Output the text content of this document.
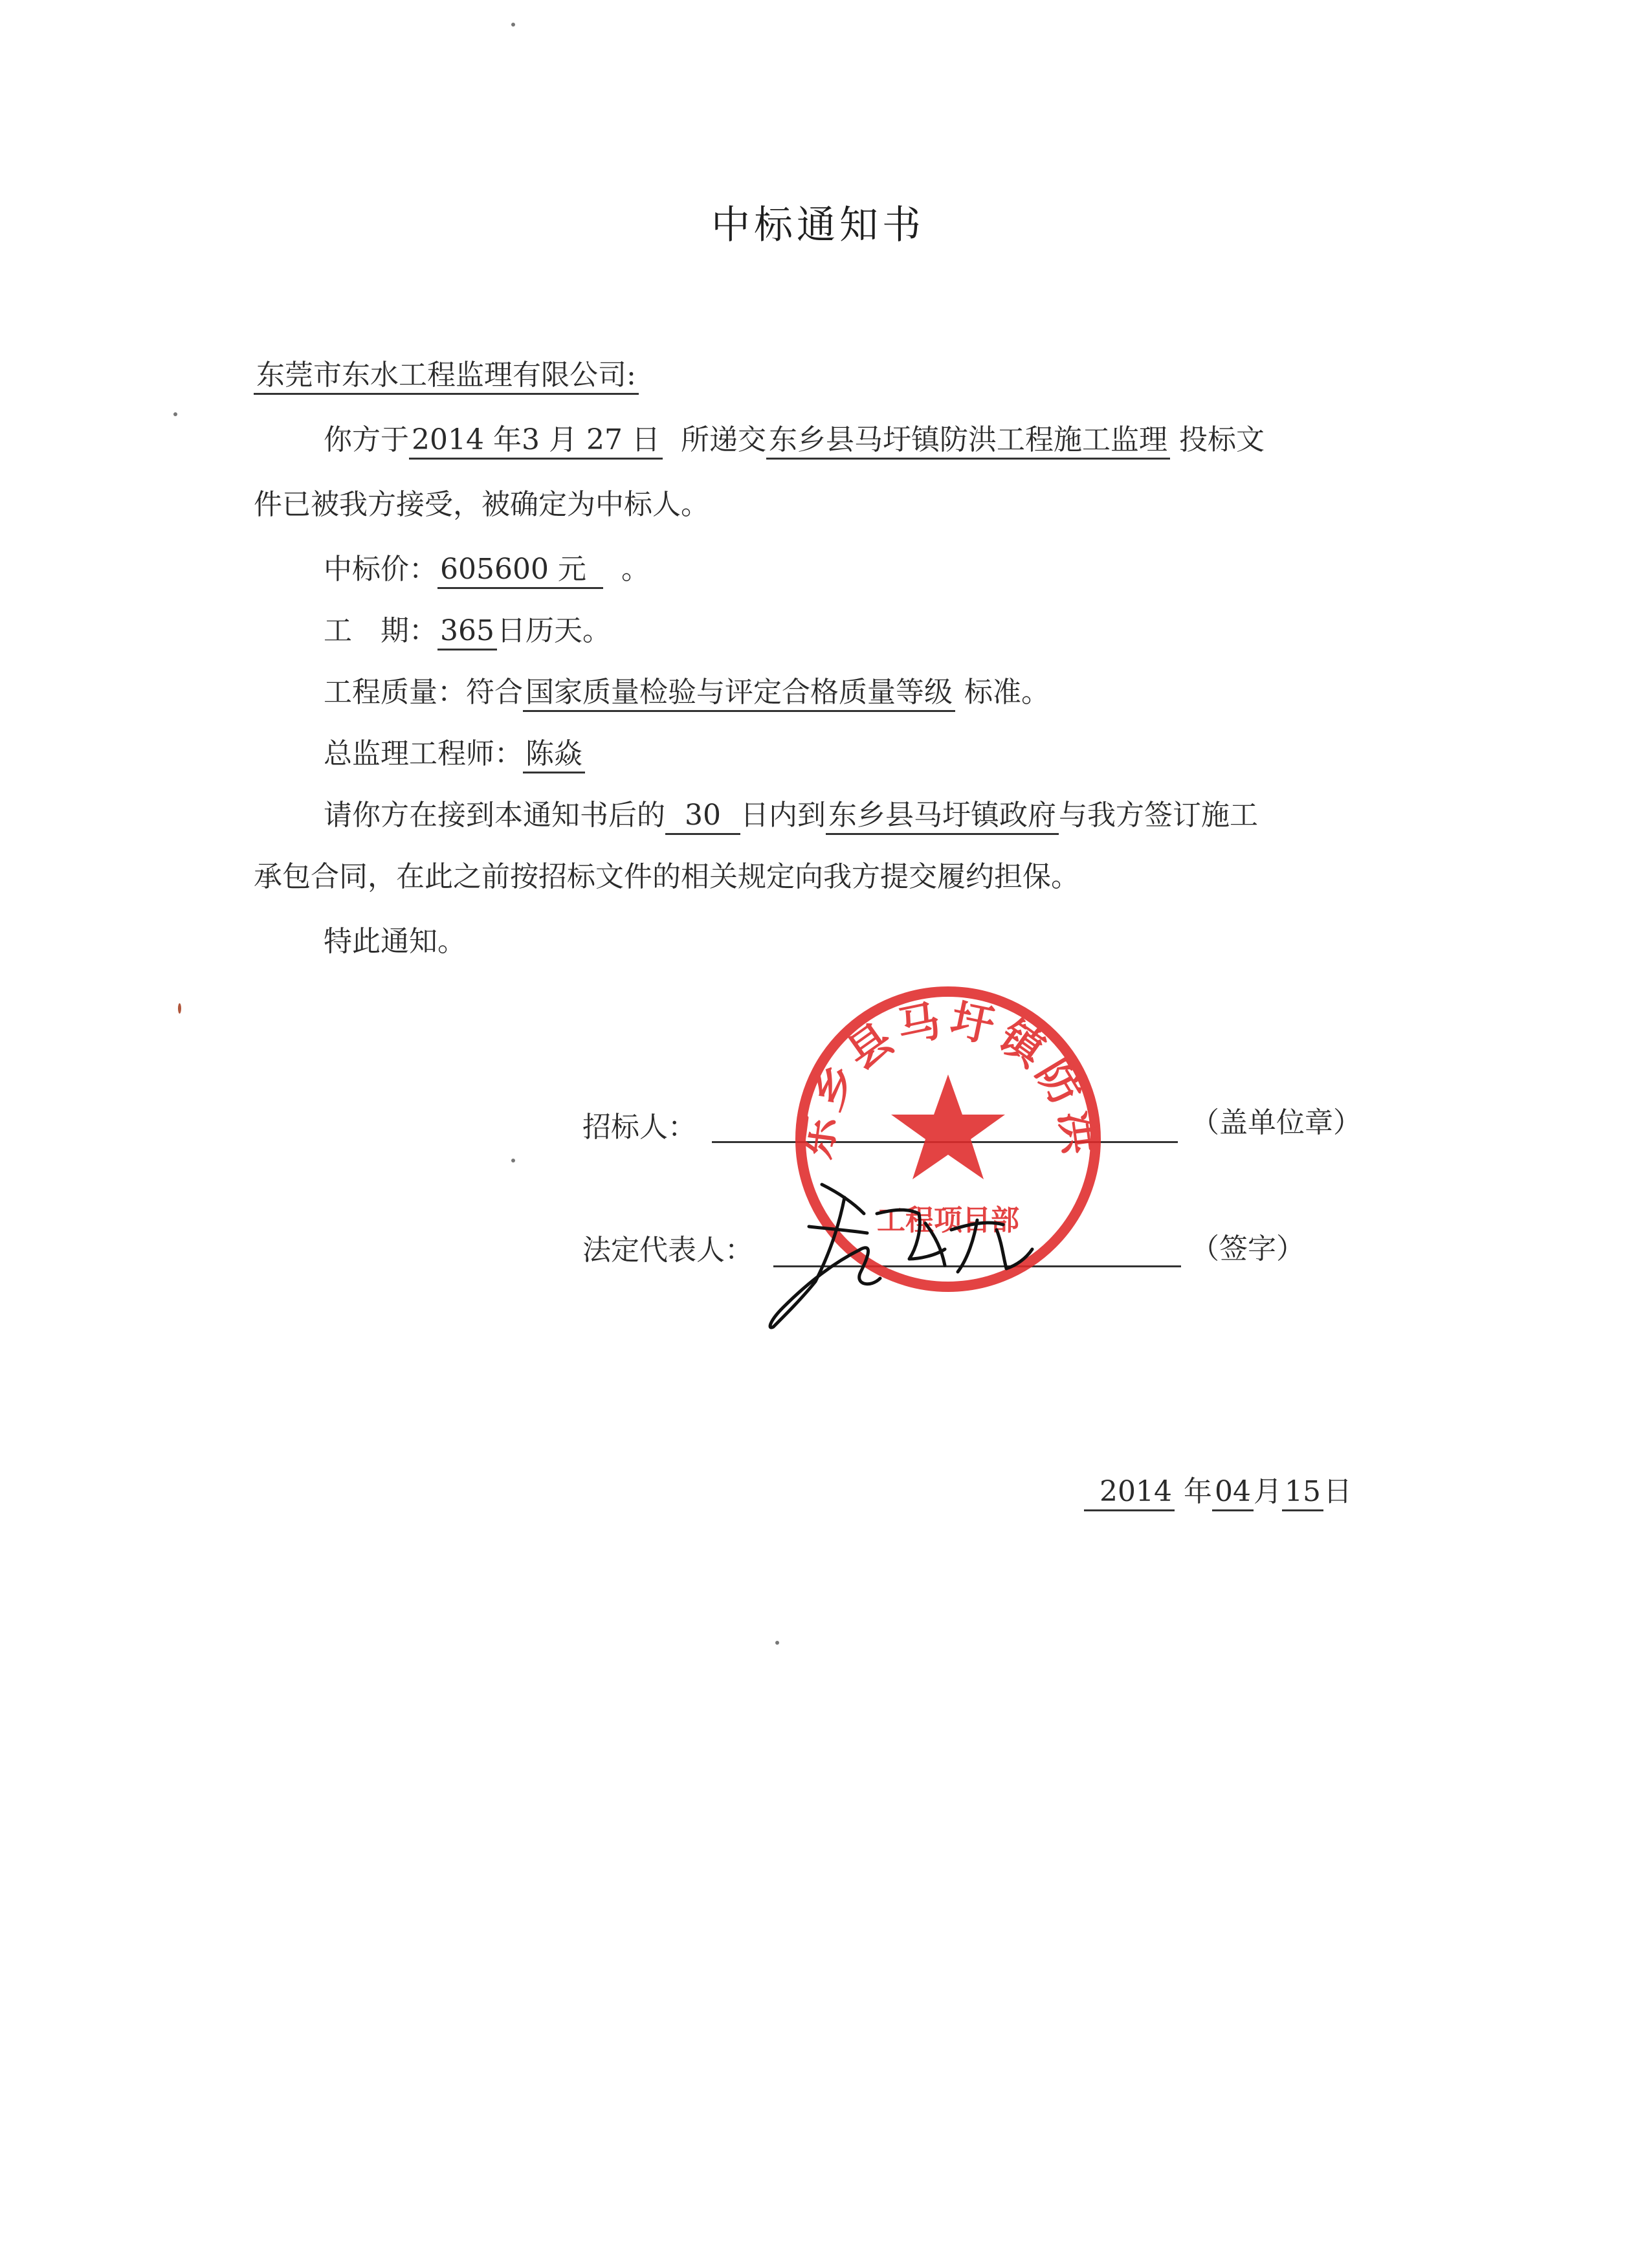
中标通知书
东莞市东水工程监理有限公司:
你方于2014 年3 月 27 日 所递交东乡县马圩镇防洪工程施工监理 投标文
件已被我方接受，被确定为中标人。
中标价：605600 元 。
工　期：365日历天。
工程质量：符合国家质量检验与评定合格质量等级 标准。
总监理工程师：陈焱
请你方在接到本通知书后的 30 日内到东乡县马圩镇政府与我方签订施工
承包合同，在此之前按招标文件的相关规定向我方提交履约担保。
特此通知。
招标人：	（盖单位章）
法定代表人：	（签字）
2014 年04月15日
东乡县马圩镇防洪
工程项目部
